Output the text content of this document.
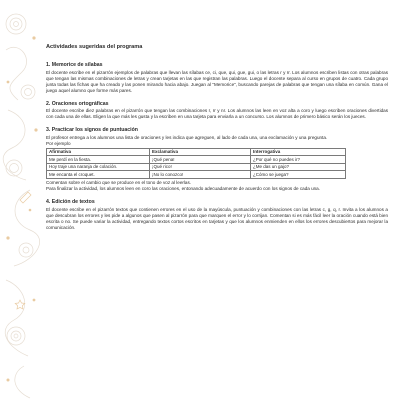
Actividades sugeridas del programa
1. Memorice de sílabas

El docente escribe en el pizarrón ejemplos de palabras que llevan las sílabas ce, ci, que, qui, gue, gui, o las letras r y rr. Los alumnos escriben listas con otras palabras que tengan las mismas combinaciones de letras y crean tarjetas en las que registran las palabras. Luego el docente separa al curso en grupos de cuatro. Cada grupo junta todas las fichas que ha creado y las ponen mirando hacia abajo. Juegan al "Memorice", buscando parejas de palabras que tengan una sílaba en común. Gana el juego aquel alumno que forme más pares.

2. Oraciones ortográficas

El docente escribe diez palabras en el pizarrón que tengan las combinaciones r, rr y nr. Los alumnos las leen en voz alta a coro y luego escriben oraciones divertidas con cada una de ellas. Eligen la que más les gusta y la escriben en una tarjeta para enviarla a un concurso. Los alumnos de primero básico serán los jueces.

3. Practicar los signos de puntuación

El profesor entrega a los alumnos una lista de oraciones y les indica que agreguen, al lado de cada una, una exclamación y una pregunta.

Por ejemplo

Afirmativa	Exclamativa	Interrogativa
Me perdí en la fiesta.	¡Qué pena!	¿Por qué no puedes ir?
Hoy traje una naranja de colación.	¡Qué rico!	¿Me das un gajo?
Me encanta el croquet.	¡No lo conozco!	¿Cómo se juega?

Comentan sobre el cambio que se produce en el tono de voz al leerlas.

Para finalizar la actividad, los alumnos leen en coro las oraciones, entonando adecuadamente de acuerdo con los signos de cada una.

4. Edición de textos

El docente escribe en el pizarrón textos que contienen errores en el uso de la mayúscula, puntuación y combinaciones con las letras c, g, q, r. Invita a los alumnos a que descubran los errores y les pide a algunos que pasen al pizarrón para que marquen el error y lo corrijan. Comentan si es más fácil leer la oración cuando está bien escrita o no. Se puede variar la actividad, entregando textos cortos escritos en tarjetas y que los alumnos enmienden en ellos los errores descubiertos para mejorar la comunicación.
